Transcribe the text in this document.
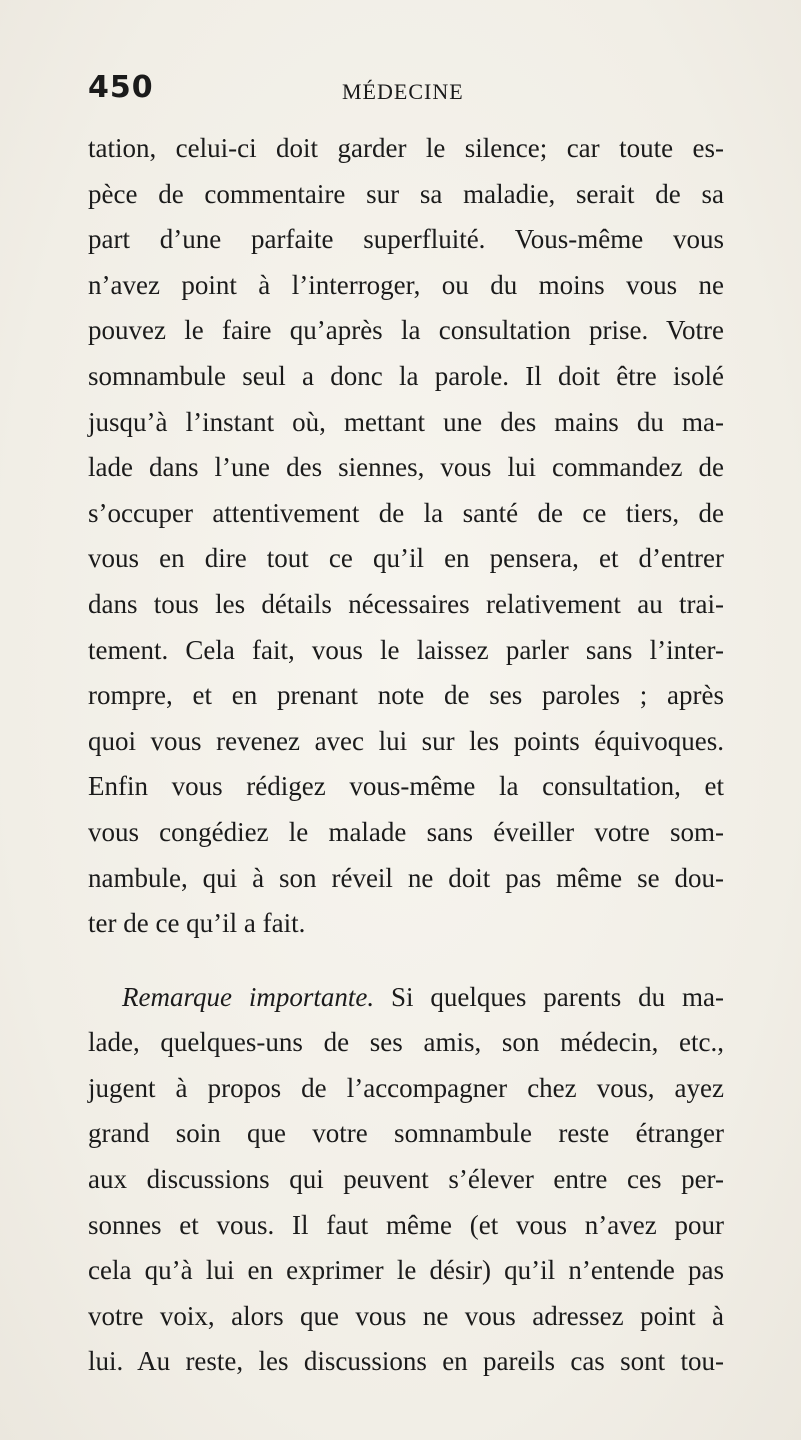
450	MÉDECINE
tation, celui-ci doit garder le silence; car toute es-
pèce de commentaire sur sa maladie, serait de sa
part d’une parfaite superfluité. Vous-même vous
n’avez point à l’interroger, ou du moins vous ne
pouvez le faire qu’après la consultation prise. Votre
somnambule seul a donc la parole. Il doit être isolé
jusqu’à l’instant où, mettant une des mains du ma-
lade dans l’une des siennes, vous lui commandez de
s’occuper attentivement de la santé de ce tiers, de
vous en dire tout ce qu’il en pensera, et d’entrer
dans tous les détails nécessaires relativement au trai-
tement. Cela fait, vous le laissez parler sans l’inter-
rompre, et en prenant note de ses paroles ; après
quoi vous revenez avec lui sur les points équivoques.
Enfin vous rédigez vous-même la consultation, et
vous congédiez le malade sans éveiller votre som-
nambule, qui à son réveil ne doit pas même se dou-
ter de ce qu’il a fait.
Remarque importante. Si quelques parents du ma-
lade, quelques-uns de ses amis, son médecin, etc.,
jugent à propos de l’accompagner chez vous, ayez
grand soin que votre somnambule reste étranger
aux discussions qui peuvent s’élever entre ces per-
sonnes et vous. Il faut même (et vous n’avez pour
cela qu’à lui en exprimer le désir) qu’il n’entende pas
votre voix, alors que vous ne vous adressez point à
lui. Au reste, les discussions en pareils cas sont tou-
